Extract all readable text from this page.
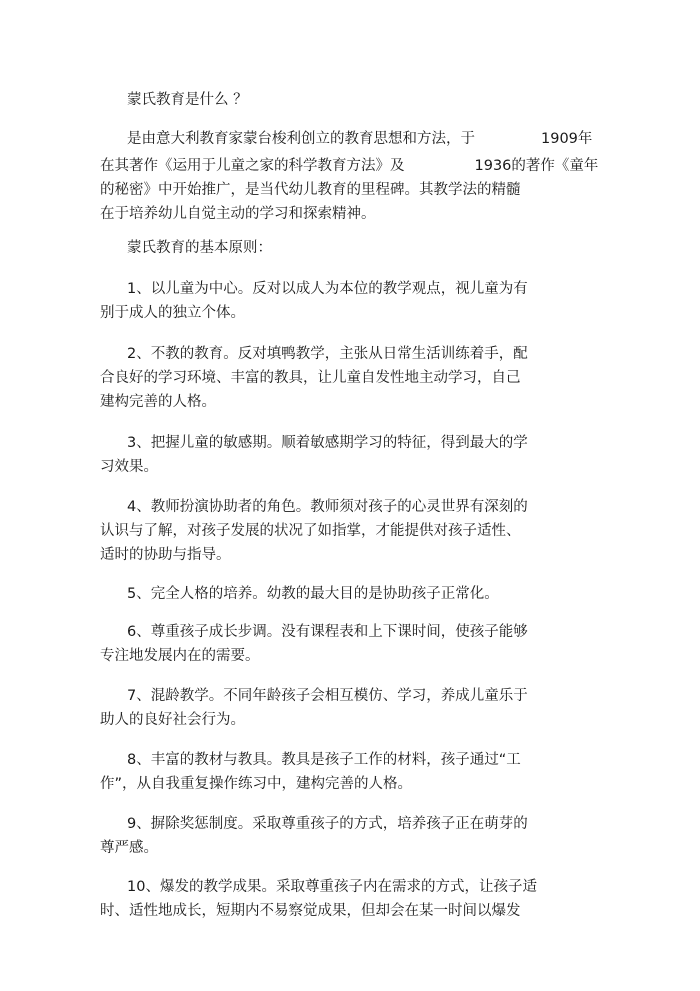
蒙氏教育是什么 ？
是由意大利教育家蒙台梭利创立的教育思想和方法，于	1909年
在其著作《运用于儿童之家的科学教育方法》及	1936的著作《童年
的秘密》中开始推广，是当代幼儿教育的里程碑。其教学法的精髓
在于培养幼儿自觉主动的学习和探索精神。
蒙氏教育的基本原则：
1、以儿童为中心。反对以成人为本位的教学观点，视儿童为有
别于成人的独立个体。
2、不教的教育。反对填鸭教学，主张从日常生活训练着手，配
合良好的学习环境、丰富的教具，让儿童自发性地主动学习，自己
建构完善的人格。
3、把握儿童的敏感期。顺着敏感期学习的特征，得到最大的学
习效果。
4、教师扮演协助者的角色。教师须对孩子的心灵世界有深刻的
认识与了解，对孩子发展的状况了如指掌，才能提供对孩子适性、
适时的协助与指导。
5、完全人格的培养。幼教的最大目的是协助孩子正常化。
6、尊重孩子成长步调。没有课程表和上下课时间，使孩子能够
专注地发展内在的需要。
7、混龄教学。不同年龄孩子会相互模仿、学习，养成儿童乐于
助人的良好社会行为。
8、丰富的教材与教具。教具是孩子工作的材料，孩子通过“工
作”，从自我重复操作练习中，建构完善的人格。
9、摒除奖惩制度。采取尊重孩子的方式，培养孩子正在萌芽的
尊严感。
10、爆发的教学成果。采取尊重孩子内在需求的方式，让孩子适
时、适性地成长，短期内不易察觉成果，但却会在某一时间以爆发
